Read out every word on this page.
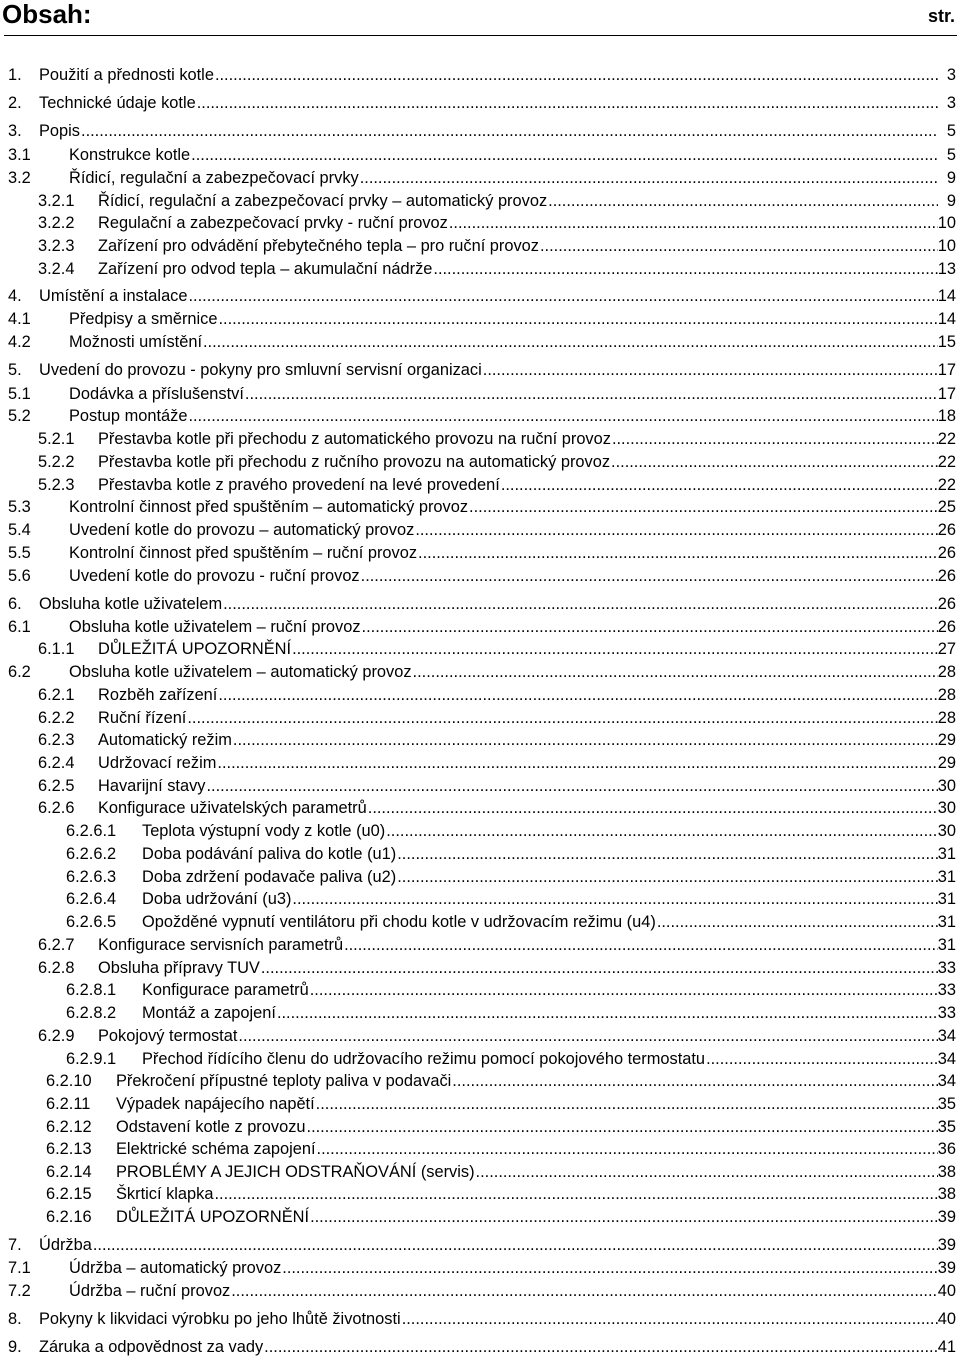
Obsah:	str.
1.	Použití a přednosti kotle .....	3
2.	Technické údaje kotle .....	3
3.	Popis .....	5
3.1	Konstrukce kotle .....	5
3.2	Řídicí, regulační a zabezpečovací prvky .....	9
3.2.1	Řídicí, regulační a zabezpečovací prvky – automatický provoz .....	9
3.2.2	Regulační a zabezpečovací prvky - ruční provoz .....	10
3.2.3	Zařízení pro odvádění přebytečného tepla – pro ruční provoz .....	10
3.2.4	Zařízení pro odvod tepla – akumulační nádrže .....	13
4.	Umístění a instalace .....	14
4.1	Předpisy a směrnice .....	14
4.2	Možnosti umístění .....	15
5.	Uvedení do provozu - pokyny pro smluvní servisní organizaci .....	17
5.1	Dodávka a příslušenství .....	17
5.2	Postup montáže .....	18
5.2.1	Přestavba kotle při přechodu z automatického provozu na ruční provoz .....	22
5.2.2	Přestavba kotle při přechodu z ručního provozu na automatický provoz .....	22
5.2.3	Přestavba kotle z pravého provedení na levé provedení .....	22
5.3	Kontrolní činnost před spuštěním – automatický provoz .....	25
5.4	Uvedení kotle do provozu – automatický provoz .....	26
5.5	Kontrolní činnost před spuštěním – ruční provoz .....	26
5.6	Uvedení kotle do provozu - ruční provoz .....	26
6.	Obsluha kotle uživatelem .....	26
6.1	Obsluha kotle uživatelem – ruční provoz .....	26
6.1.1	DŮLEŽITÁ UPOZORNĚNÍ .....	27
6.2	Obsluha kotle uživatelem – automatický provoz .....	28
6.2.1	Rozběh zařízení .....	28
6.2.2	Ruční řízení .....	28
6.2.3	Automatický režim .....	29
6.2.4	Udržovací režim .....	29
6.2.5	Havarijní stavy .....	30
6.2.6	Konfigurace uživatelských parametrů .....	30
6.2.6.1	Teplota výstupní vody z kotle (u0) .....	30
6.2.6.2	Doba podávání paliva do kotle (u1) .....	31
6.2.6.3	Doba zdržení podavače paliva (u2) .....	31
6.2.6.4	Doba udržování (u3) .....	31
6.2.6.5	Opožděné vypnutí ventilátoru při chodu kotle v udržovacím režimu (u4) .....	31
6.2.7	Konfigurace servisních parametrů .....	31
6.2.8	Obsluha přípravy TUV .....	33
6.2.8.1	Konfigurace parametrů .....	33
6.2.8.2	Montáž a zapojení .....	33
6.2.9	Pokojový termostat .....	34
6.2.9.1	Přechod řídícího členu do udržovacího režimu pomocí pokojového termostatu .....	34
6.2.10	Překročení přípustné teploty paliva v podavači .....	34
6.2.11	Výpadek napájecího napětí .....	35
6.2.12	Odstavení kotle z provozu .....	35
6.2.13	Elektrické schéma zapojení .....	36
6.2.14	PROBLÉMY A JEJICH ODSTRAŇOVÁNÍ (servis) .....	38
6.2.15	Škrticí klapka .....	38
6.2.16	DŮLEŽITÁ UPOZORNĚNÍ .....	39
7.	Údržba .....	39
7.1	Údržba – automatický provoz .....	39
7.2	Údržba – ruční provoz .....	40
8.	Pokyny k likvidaci výrobku po jeho lhůtě životnosti .....	40
9.	Záruka a odpovědnost za vady .....	41
